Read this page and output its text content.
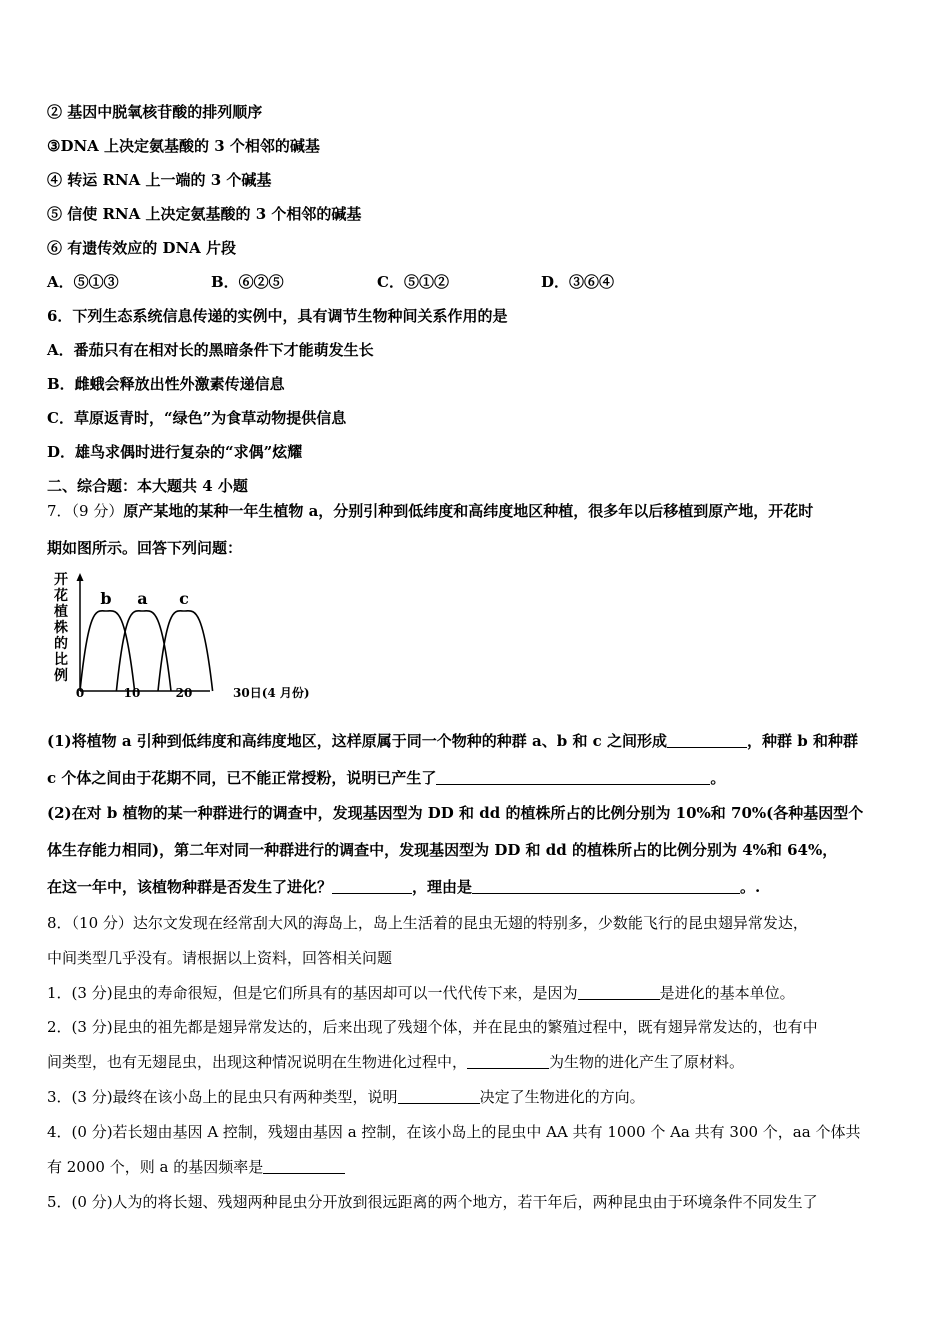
② 基因中脱氧核苷酸的排列顺序
③DNA 上决定氨基酸的 3 个相邻的碱基
④ 转运 RNA 上一端的 3 个碱基
⑤ 信使 RNA 上决定氨基酸的 3 个相邻的碱基
⑥ 有遗传效应的 DNA 片段
A．⑤①③	B．⑥②⑤	C．⑤①②	D．③⑥④
6．下列生态系统信息传递的实例中，具有调节生物种间关系作用的是
A．番茄只有在相对长的黑暗条件下才能萌发生长
B．雌蛾会释放出性外激素传递信息
C．草原返青时，“绿色”为食草动物提供信息
D．雄鸟求偶时进行复杂的“求偶”炫耀
二、综合题：本大题共 4 小题
7．（9 分）原产某地的某种一年生植物 a，分别引种到低纬度和高纬度地区种植，很多年以后移植到原产地，开花时
期如图所示。回答下列问题：
开
花
植
株
的
比
例
b a c
0	10	20	30日(4 月份)
(1)将植物 a 引种到低纬度和高纬度地区，这样原属于同一个物种的种群 a、b 和 c 之间形成	，种群 b 和种群
c 个体之间由于花期不同，已不能正常授粉，说明已产生了	。
(2)在对 b 植物的某一种群进行的调查中，发现基因型为 DD 和 dd 的植株所占的比例分别为 10%和 70%(各种基因型个
体生存能力相同)，第二年对同一种群进行的调查中，发现基因型为 DD 和 dd 的植株所占的比例分别为 4%和 64%，
在这一年中，该植物种群是否发生了进化？	，理由是	。.
8．（10 分）达尔文发现在经常刮大风的海岛上，岛上生活着的昆虫无翅的特别多，少数能飞行的昆虫翅异常发达，
中间类型几乎没有。请根据以上资料，回答相关问题
1．(3 分)昆虫的寿命很短，但是它们所具有的基因却可以一代代传下来，是因为	是进化的基本单位。
2．(3 分)昆虫的祖先都是翅异常发达的，后来出现了残翅个体，并在昆虫的繁殖过程中，既有翅异常发达的，也有中
间类型，也有无翅昆虫，出现这种情况说明在生物进化过程中，	为生物的进化产生了原材料。
3．(3 分)最终在该小岛上的昆虫只有两种类型，说明	决定了生物进化的方向。
4．(0 分)若长翅由基因 A 控制，残翅由基因 a 控制，在该小岛上的昆虫中 AA 共有 1000 个 Aa 共有 300 个，aa 个体共
有 2000 个，则 a 的基因频率是
5．(0 分)人为的将长翅、残翅两种昆虫分开放到很远距离的两个地方，若干年后，两种昆虫由于环境条件不同发生了
